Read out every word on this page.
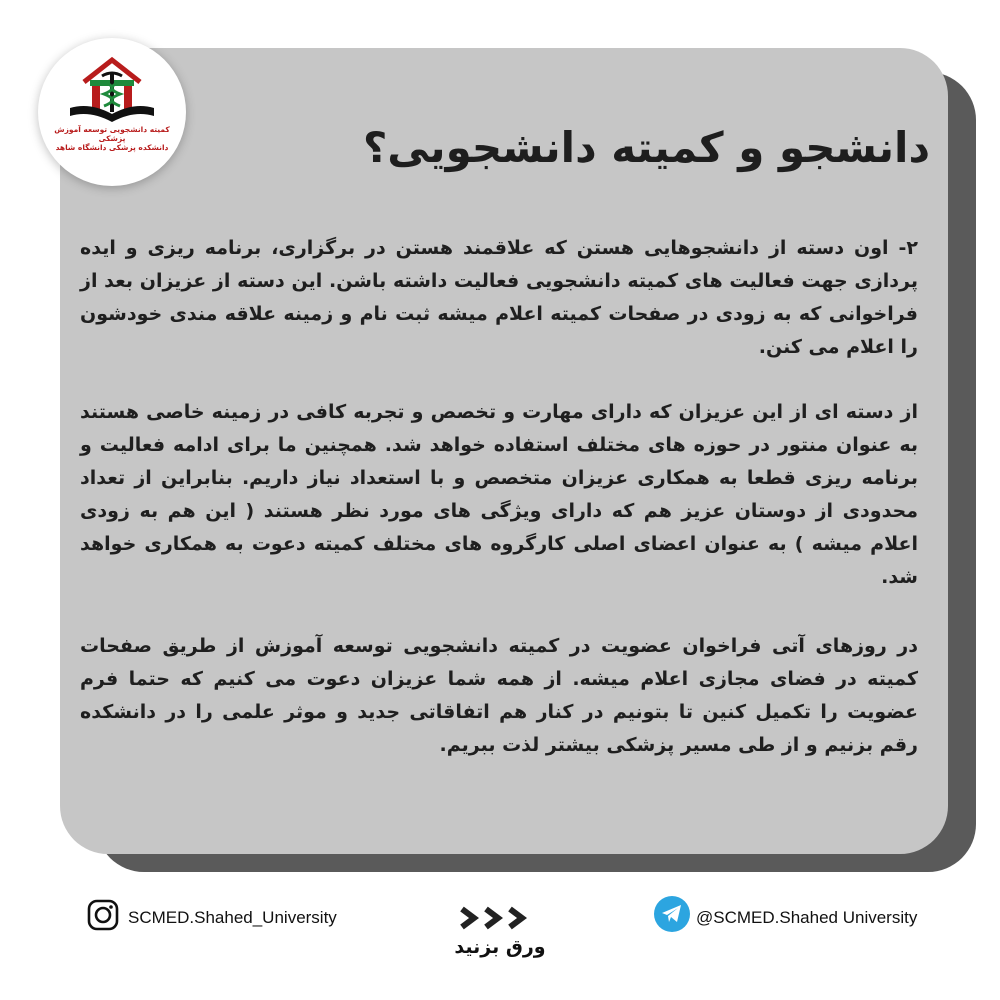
کمیته دانشجویی توسعه آموزش پزشکی
دانشکده پزشکی دانشگاه شاهد	دانشجو و کمیته دانشجویی؟
۲- اون دسته از دانشجوهایی هستن که علاقمند هستن در برگزاری، برنامه ریزی و ایده پردازی جهت فعالیت های کمیته دانشجویی فعالیت داشته باشن. این دسته از عزیزان بعد از فراخوانی که به زودی در صفحات کمیته اعلام میشه ثبت نام و زمینه علاقه مندی خودشون را اعلام می کنن.
از دسته ای از این عزیزان که دارای مهارت و تخصص و تجربه کافی در زمینه خاصی هستند به عنوان منتور در حوزه های مختلف استفاده خواهد شد. همچنین ما برای ادامه فعالیت و برنامه ریزی قطعا به همکاری عزیزان متخصص و با استعداد نیاز داریم. بنابراین از تعداد محدودی از دوستان عزیز هم که دارای ویژگی های مورد نظر هستند ( این هم به زودی اعلام میشه ) به عنوان اعضای اصلی کارگروه های مختلف کمیته دعوت به همکاری خواهد شد.
در روزهای آتی فراخوان عضویت در کمیته دانشجویی توسعه آموزش از طریق صفحات کمیته در فضای مجازی اعلام میشه. از همه شما عزیزان دعوت می کنیم که حتما فرم عضویت را تکمیل کنین تا بتونیم در کنار هم اتفاقاتی جدید و موثر علمی را در دانشکده رقم بزنیم و از طی مسیر پزشکی بیشتر لذت ببریم.
SCMED.Shahed_University
ورق بزنید
@SCMED.Shahed University
